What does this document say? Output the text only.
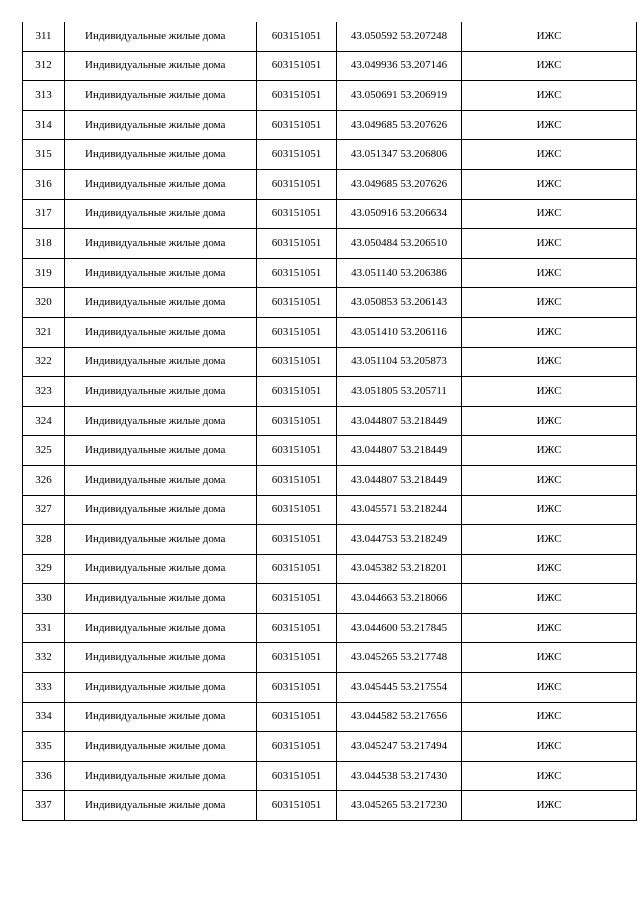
311	Индивидуальные жилые дома	603151051	43.050592 53.207248	ИЖС
312	Индивидуальные жилые дома	603151051	43.049936 53.207146	ИЖС
313	Индивидуальные жилые дома	603151051	43.050691 53.206919	ИЖС
314	Индивидуальные жилые дома	603151051	43.049685 53.207626	ИЖС
315	Индивидуальные жилые дома	603151051	43.051347 53.206806	ИЖС
316	Индивидуальные жилые дома	603151051	43.049685 53.207626	ИЖС
317	Индивидуальные жилые дома	603151051	43.050916 53.206634	ИЖС
318	Индивидуальные жилые дома	603151051	43.050484 53.206510	ИЖС
319	Индивидуальные жилые дома	603151051	43.051140 53.206386	ИЖС
320	Индивидуальные жилые дома	603151051	43.050853 53.206143	ИЖС
321	Индивидуальные жилые дома	603151051	43.051410 53.206116	ИЖС
322	Индивидуальные жилые дома	603151051	43.051104 53.205873	ИЖС
323	Индивидуальные жилые дома	603151051	43.051805 53.205711	ИЖС
324	Индивидуальные жилые дома	603151051	43.044807 53.218449	ИЖС
325	Индивидуальные жилые дома	603151051	43.044807 53.218449	ИЖС
326	Индивидуальные жилые дома	603151051	43.044807 53.218449	ИЖС
327	Индивидуальные жилые дома	603151051	43.045571 53.218244	ИЖС
328	Индивидуальные жилые дома	603151051	43.044753 53.218249	ИЖС
329	Индивидуальные жилые дома	603151051	43.045382 53.218201	ИЖС
330	Индивидуальные жилые дома	603151051	43.044663 53.218066	ИЖС
331	Индивидуальные жилые дома	603151051	43.044600 53.217845	ИЖС
332	Индивидуальные жилые дома	603151051	43.045265 53.217748	ИЖС
333	Индивидуальные жилые дома	603151051	43.045445 53.217554	ИЖС
334	Индивидуальные жилые дома	603151051	43.044582 53.217656	ИЖС
335	Индивидуальные жилые дома	603151051	43.045247 53.217494	ИЖС
336	Индивидуальные жилые дома	603151051	43.044538 53.217430	ИЖС
337	Индивидуальные жилые дома	603151051	43.045265 53.217230	ИЖС
